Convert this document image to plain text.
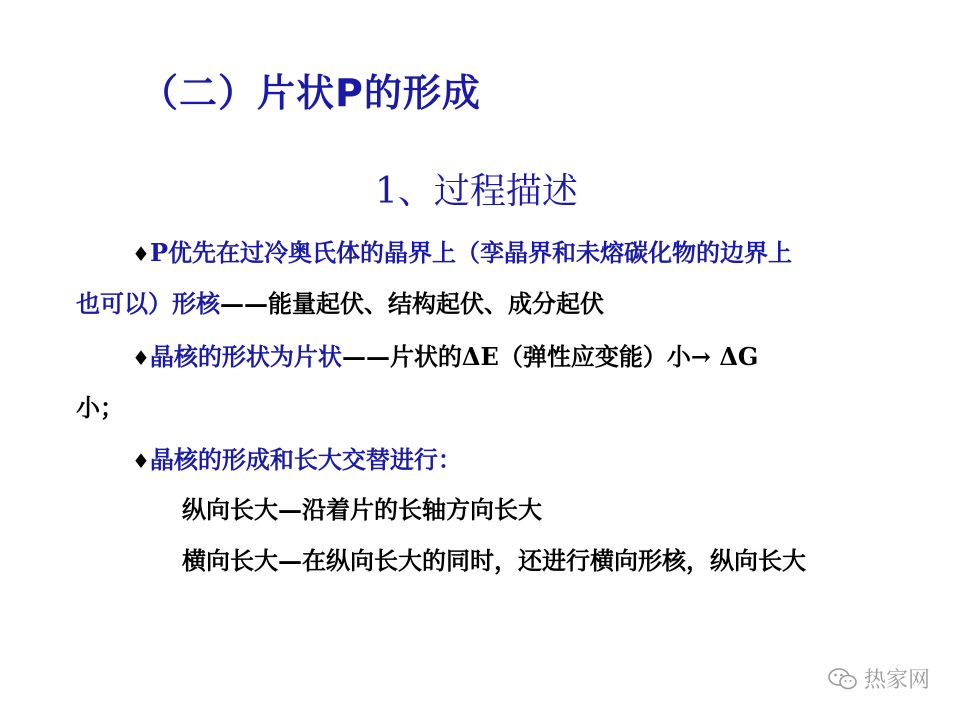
（二）片状P的形成
1、过程描述
♦P优先在过冷奥氏体的晶界上（孪晶界和未熔碳化物的边界上
也可以）形核——能量起伏、结构起伏、成分起伏
♦晶核的形状为片状——片状的ΔE（弹性应变能）小→ ΔG
小；
♦晶核的形成和长大交替进行：
纵向长大—沿着片的长轴方向长大
横向长大—在纵向长大的同时，还进行横向形核，纵向长大
热家网
